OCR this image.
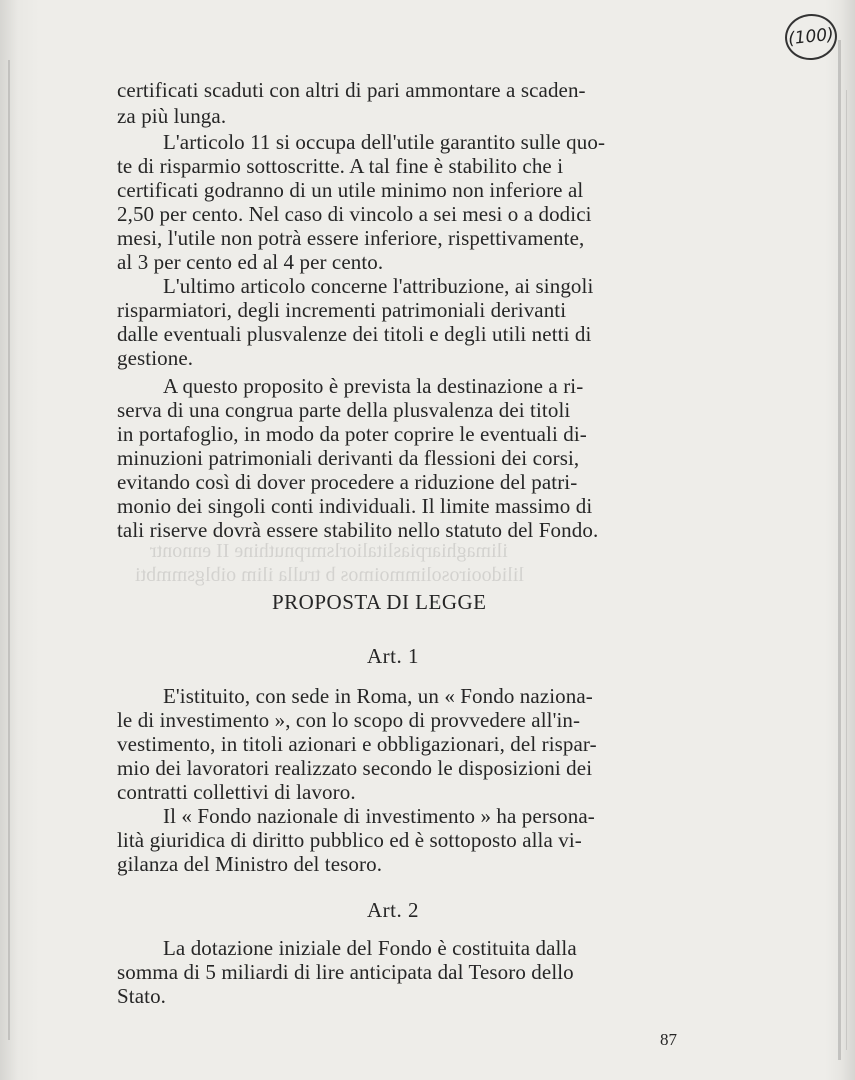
ilimaghiarpiaslitaliorlsmrpnuthine II ennontr
lilidooirosolimmoimos b trulla ilim oiblgsmmbti
(100)
certificati scaduti con altri di pari ammontare a scaden-
za più lunga.
L'articolo 11 si occupa dell'utile garantito sulle quo-
te di risparmio sottoscritte. A tal fine è stabilito che i
certificati godranno di un utile minimo non inferiore al
2,50 per cento. Nel caso di vincolo a sei mesi o a dodici
mesi, l'utile non potrà essere inferiore, rispettivamente,
al 3 per cento ed al 4 per cento.
L'ultimo articolo concerne l'attribuzione, ai singoli
risparmiatori, degli incrementi patrimoniali derivanti
dalle eventuali plusvalenze dei titoli e degli utili netti di
gestione.
A questo proposito è prevista la destinazione a ri-
serva di una congrua parte della plusvalenza dei titoli
in portafoglio, in modo da poter coprire le eventuali di-
minuzioni patrimoniali derivanti da flessioni dei corsi,
evitando così di dover procedere a riduzione del patri-
monio dei singoli conti individuali. Il limite massimo di
tali riserve dovrà essere stabilito nello statuto del Fondo.
PROPOSTA DI LEGGE
Art. 1
E'istituito, con sede in Roma, un « Fondo naziona-
le di investimento », con lo scopo di provvedere all'in-
vestimento, in titoli azionari e obbligazionari, del rispar-
mio dei lavoratori realizzato secondo le disposizioni dei
contratti collettivi di lavoro.
Il « Fondo nazionale di investimento » ha persona-
lità giuridica di diritto pubblico ed è sottoposto alla vi-
gilanza del Ministro del tesoro.
Art. 2
La dotazione iniziale del Fondo è costituita dalla
somma di 5 miliardi di lire anticipata dal Tesoro dello
Stato.
87
